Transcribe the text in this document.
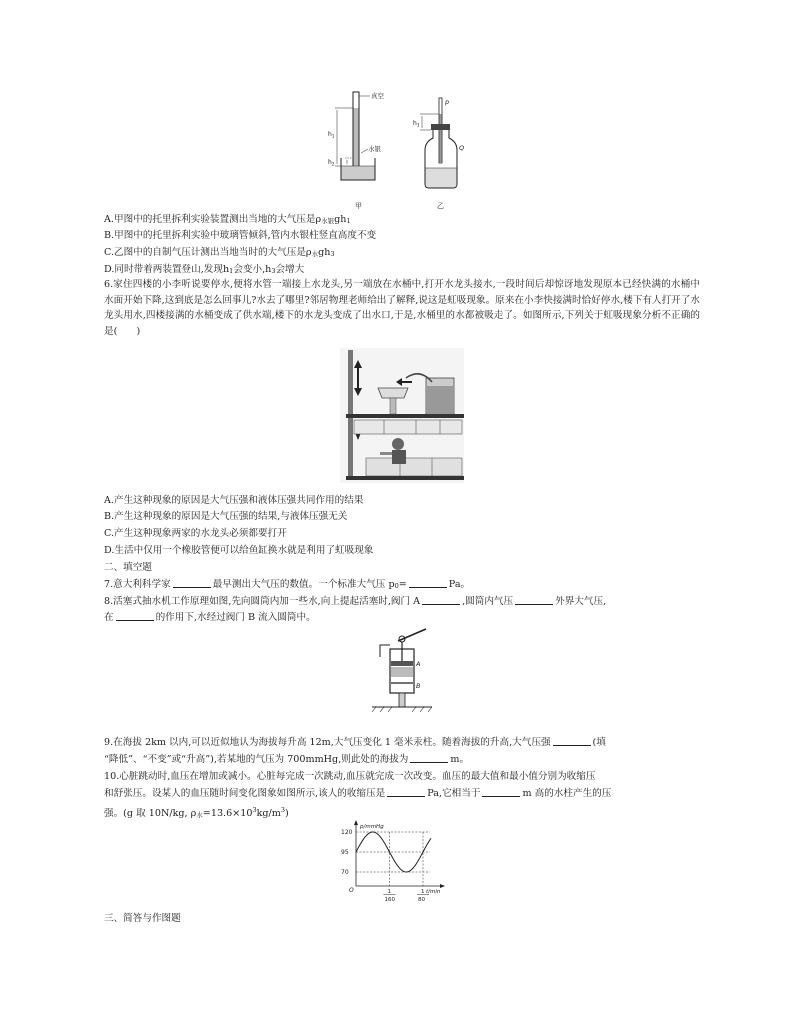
$h_1$
$h_2$
真空
水银
甲
$h_3$
p
Q
乙
A.甲图中的托里拆利实验装置测出当地的大气压是ρ水银gh1
B.甲图中的托里拆利实验中玻璃管倾斜,管内水银柱竖直高度不变
C.乙图中的自制气压计测出当地当时的大气压是ρ水gh3
D.同时带着两装置登山,发现h1会变小,h3会增大
6.家住四楼的小李听说要停水,便将水管一端接上水龙头,另一端放在水桶中,打开水龙头接水,一段时间后却惊讶地发现原本已经快满的水桶中水面开始下降,这到底是怎么回事儿?水去了哪里?邻居物理老师给出了解释,说这是虹吸现象。原来在小李快接满时恰好停水,楼下有人打开了水龙头用水,四楼接满的水桶变成了供水端,楼下的水龙头变成了出水口,于是,水桶里的水都被吸走了。如图所示,下列关于虹吸现象分析不正确的是(　　)
A.产生这种现象的原因是大气压强和液体压强共同作用的结果
B.产生这种现象的原因是大气压强的结果,与液体压强无关
C.产生这种现象两家的水龙头必须都要打开
D.生活中仅用一个橡胶管便可以给鱼缸换水就是利用了虹吸现象
二、填空题
7.意大利科学家	最早测出大气压的数值。一个标准大气压 p0=	Pa。
8.活塞式抽水机工作原理如图,先向圆筒内加一些水,向上提起活塞时,阀门 A	,圆筒内气压	外界大气压,
在	的作用下,水经过阀门 B 流入圆筒中。
A
B
9.在海拔 2km 以内,可以近似地认为海拔每升高 12m,大气压变化 1 毫米汞柱。随着海拔的升高,大气压强	(填
“降低”、“不变”或“升高”),若某地的气压为 700mmHg,则此处的海拔为	m。
10.心脏跳动时,血压在增加或减小。心脏每完成一次跳动,血压就完成一次改变。血压的最大值和最小值分别为收缩压
和舒张压。设某人的血压随时间变化图象如图所示,该人的收缩压是	Pa,它相当于	m 高的水柱产生的压
强。(g 取 10N/kg, ρ水$=13.6\times 10^3kg/m^3$)
p/mmHg
t/min
O
120
95
70
1
160
1
80
三、简答与作图题
